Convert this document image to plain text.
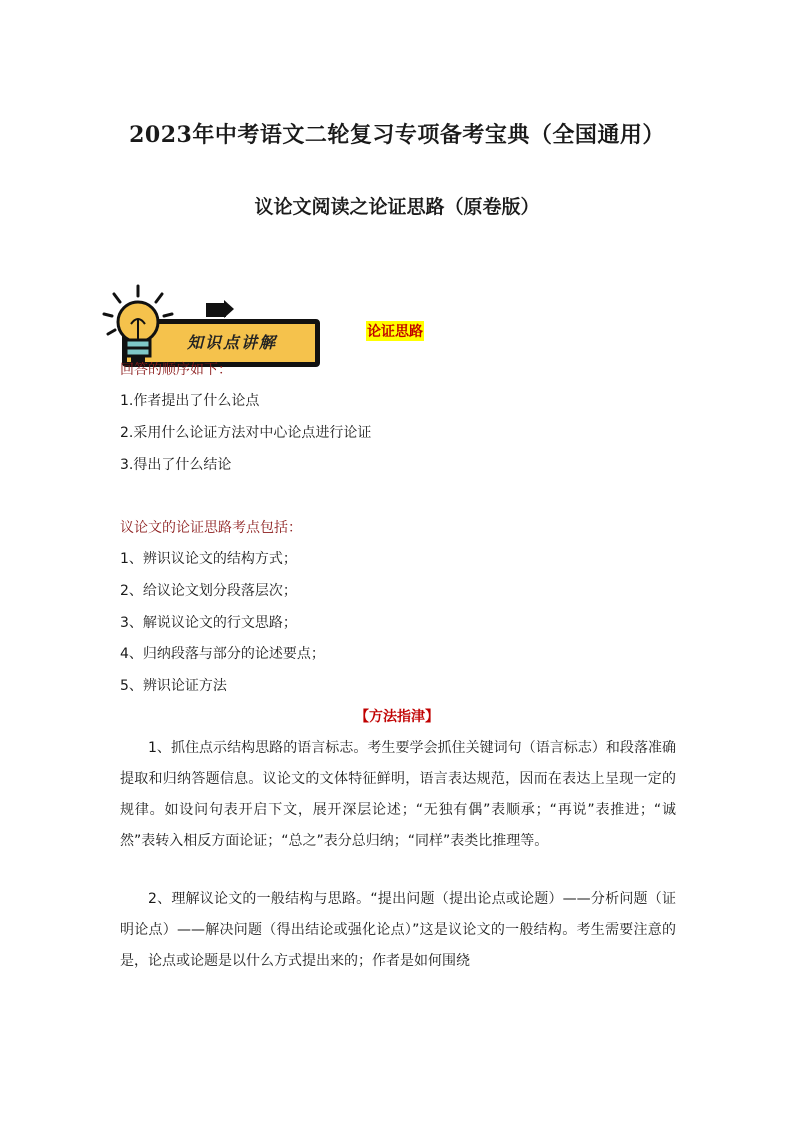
2023年中考语文二轮复习专项备考宝典（全国通用）
议论文阅读之论证思路（原卷版）
知识点讲解
论证思路
回答的顺序如下：
1.作者提出了什么论点
2.采用什么论证方法对中心论点进行论证
3.得出了什么结论
议论文的论证思路考点包括：
1、辨识议论文的结构方式；
2、给议论文划分段落层次；
3、解说议论文的行文思路；
4、归纳段落与部分的论述要点；
5、辨识论证方法
【方法指津】
1、抓住点示结构思路的语言标志。考生要学会抓住关键词句（语言标志）和段落准确提取和归纳答题信息。议论文的文体特征鲜明，语言表达规范，因而在表达上呈现一定的规律。如设问句表开启下文，展开深层论述；“无独有偶”表顺承；“再说”表推进；“诚然”表转入相反方面论证；“总之”表分总归纳；“同样”表类比推理等。
2、理解议论文的一般结构与思路。“提出问题（提出论点或论题）——分析问题（证明论点）——解决问题（得出结论或强化论点）”这是议论文的一般结构。考生需要注意的是，论点或论题是以什么方式提出来的；作者是如何围绕
